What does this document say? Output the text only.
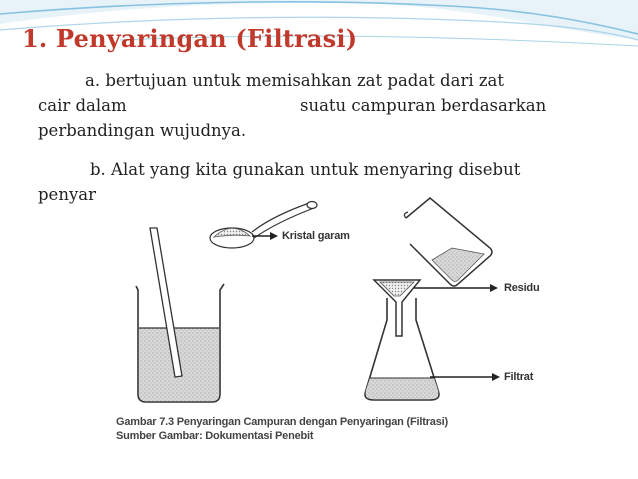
1. Penyaringan (Filtrasi)
a. bertujuan untuk memisahkan zat padat dari zat
cair dalam	suatu campuran berdasarkan
perbandingan wujudnya.
b. Alat yang kita gunakan untuk menyaring disebut
penyar
Kristal garam
Residu
Filtrat
Gambar 7.3 Penyaringan Campuran dengan Penyaringan (Filtrasi)
Sumber Gambar: Dokumentasi Penebit
